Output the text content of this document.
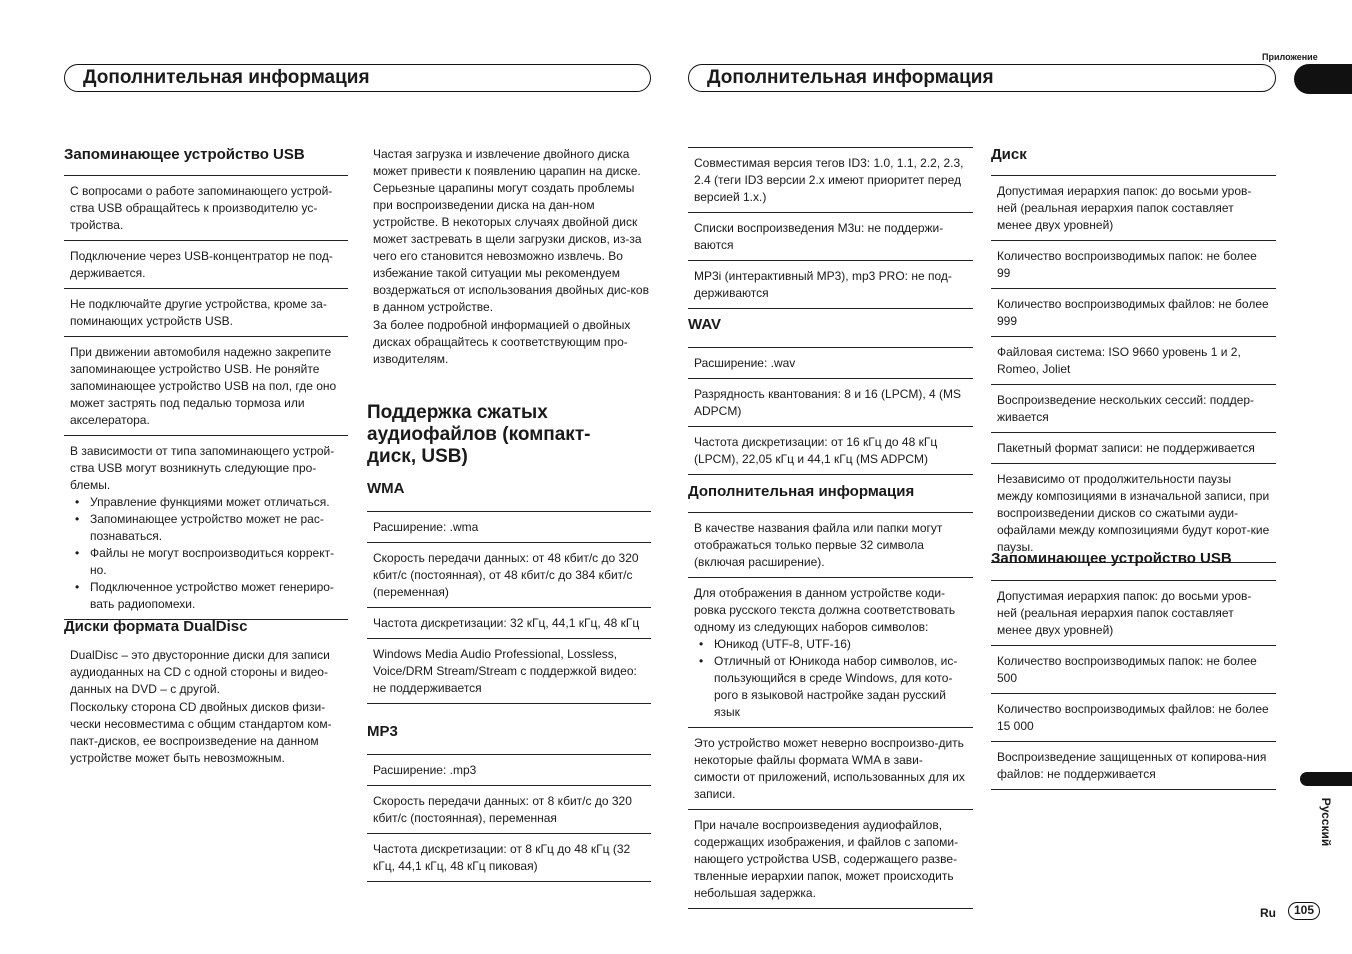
Дополнительная информация	Дополнительная информация
Приложение
Запоминающее устройство USB
С вопросами о работе запоминающего устрой-ства USB обращайтесь к производителю ус-тройства.
Подключение через USB-концентратор не под-держивается.
Не подключайте другие устройства, кроме за-поминающих устройств USB.
При движении автомобиля надежно закрепите запоминающее устройство USB. Не роняйте запоминающее устройство USB на пол, где оно может застрять под педалью тормоза или акселератора.
В зависимости от типа запоминающего устрой-ства USB могут возникнуть следующие про-блемы.
• Управление функциями может отличаться.
• Запоминающее устройство может не рас-познаваться.
• Файлы не могут воспроизводиться коррект-но.
• Подключенное устройство может генериро-вать радиопомехи.
Диски формата DualDisc
DualDisc – это двусторонние диски для записи аудиоданных на CD с одной стороны и видео-данных на DVD – с другой.
Поскольку сторона CD двойных дисков физи-чески несовместима с общим стандартом ком-пакт-дисков, ее воспроизведение на данном устройстве может быть невозможным.
Частая загрузка и извлечение двойного диска может привести к появлению царапин на диске. Серьезные царапины могут создать проблемы при воспроизведении диска на дан-ном устройстве. В некоторых случаях двойной диск может застревать в щели загрузки дисков, из-за чего его становится невозможно извлечь. Во избежание такой ситуации мы рекомендуем воздержаться от использования двойных дис-ков в данном устройстве.
За более подробной информацией о двойных дисках обращайтесь к соответствующим про-изводителям.
Поддержка сжатых аудиофайлов (компакт-диск, USB)
WMA
Расширение: .wma
Скорость передачи данных: от 48 кбит/с до 320 кбит/с (постоянная), от 48 кбит/с до 384 кбит/с (переменная)
Частота дискретизации: 32 кГц, 44,1 кГц, 48 кГц
Windows Media Audio Professional, Lossless, Voice/DRM Stream/Stream с поддержкой видео: не поддерживается
MP3
Расширение: .mp3
Скорость передачи данных: от 8 кбит/с до 320 кбит/с (постоянная), переменная
Частота дискретизации: от 8 кГц до 48 кГц (32 кГц, 44,1 кГц, 48 кГц пиковая)
Совместимая версия тегов ID3: 1.0, 1.1, 2.2, 2.3, 2.4 (теги ID3 версии 2.x имеют приоритет перед версией 1.x.)
Списки воспроизведения M3u: не поддержи-ваются
MP3i (интерактивный MP3), mp3 PRO: не под-держиваются
WAV
Расширение: .wav
Разрядность квантования: 8 и 16 (LPCM), 4 (MS ADPCM)
Частота дискретизации: от 16 кГц до 48 кГц (LPCM), 22,05 кГц и 44,1 кГц (MS ADPCM)
Дополнительная информация
В качестве названия файла или папки могут отображаться только первые 32 символа (включая расширение).
Для отображения в данном устройстве коди-ровка русского текста должна соответствовать одному из следующих наборов символов:
• Юникод (UTF-8, UTF-16)
• Отличный от Юникода набор символов, ис-пользующийся в среде Windows, для кото-рого в языковой настройке задан русский язык
Это устройство может неверно воспроизво-дить некоторые файлы формата WMA в зави-симости от приложений, использованных для их записи.
При начале воспроизведения аудиофайлов, содержащих изображения, и файлов с запоми-нающего устройства USB, содержащего разве-твленные иерархии папок, может происходить небольшая задержка.
Диск
Допустимая иерархия папок: до восьми уров-ней (реальная иерархия папок составляет менее двух уровней)
Количество воспроизводимых папок: не более 99
Количество воспроизводимых файлов: не более 999
Файловая система: ISO 9660 уровень 1 и 2, Romeo, Joliet
Воспроизведение нескольких сессий: поддер-живается
Пакетный формат записи: не поддерживается
Независимо от продолжительности паузы между композициями в изначальной записи, при воспроизведении дисков со сжатыми ауди-офайлами между композициями будут корот-кие паузы.
Запоминающее устройство USB
Допустимая иерархия папок: до восьми уров-ней (реальная иерархия папок составляет менее двух уровней)
Количество воспроизводимых папок: не более 500
Количество воспроизводимых файлов: не более 15 000
Воспроизведение защищенных от копирова-ния файлов: не поддерживается
Русский
Ru	105
